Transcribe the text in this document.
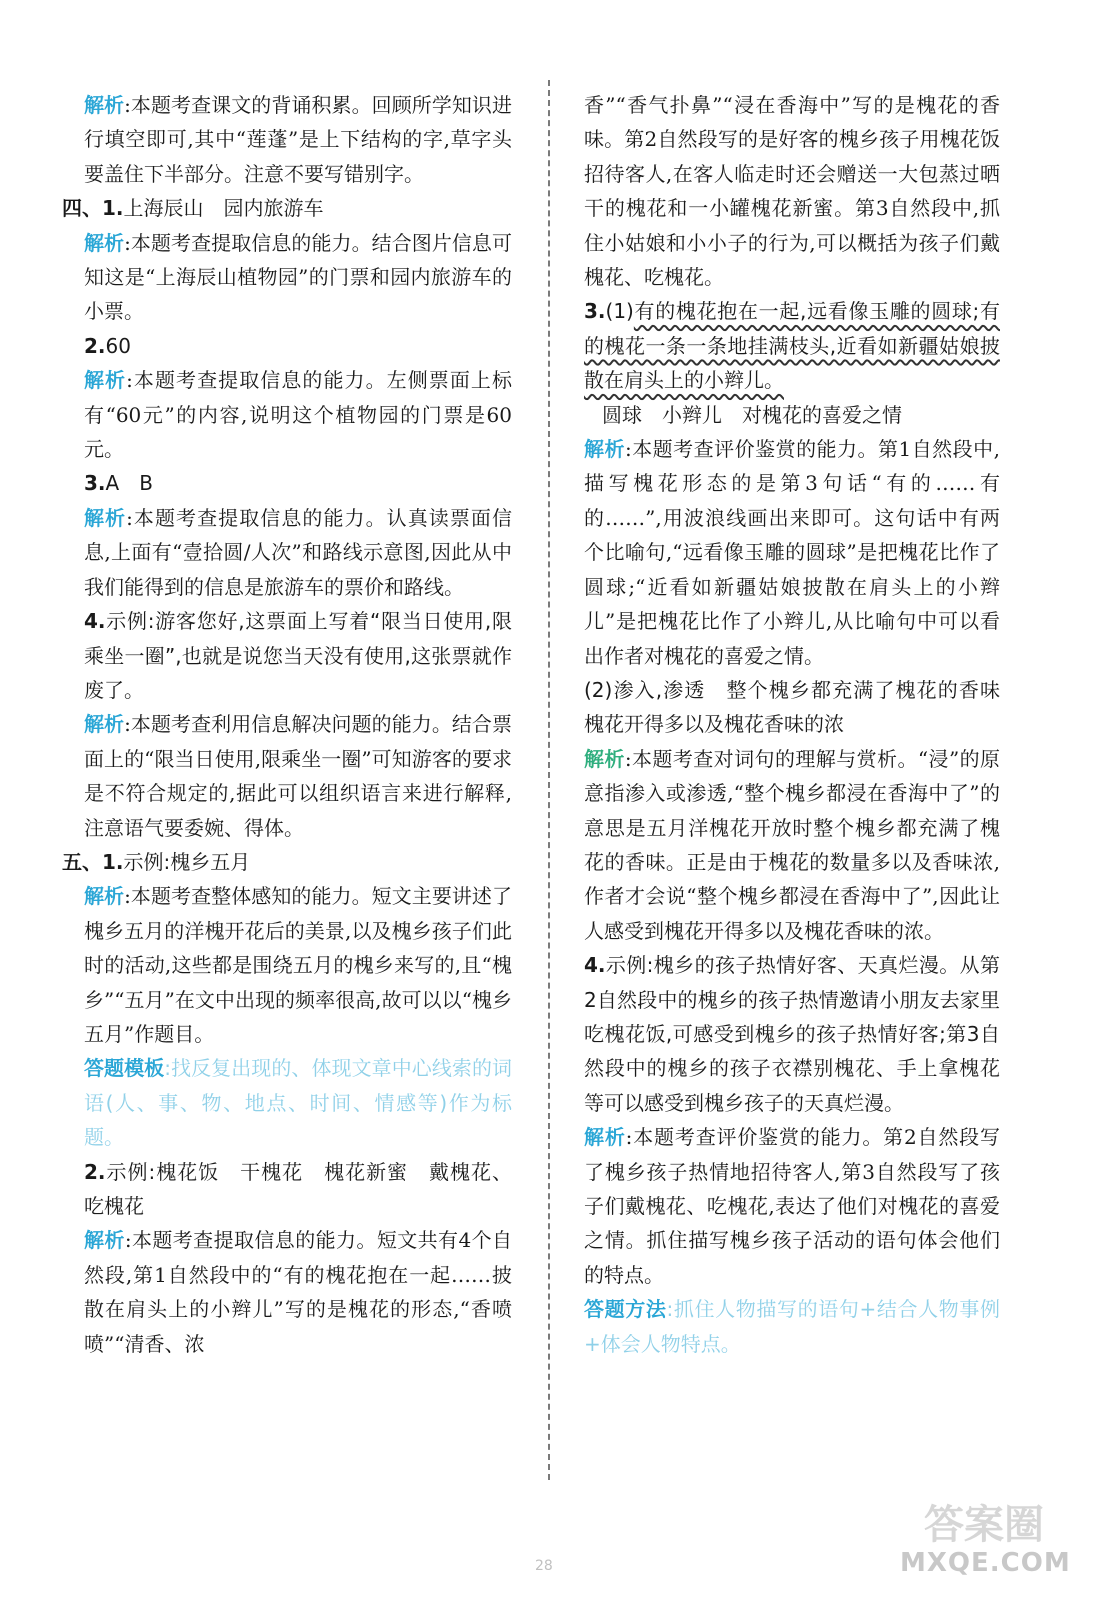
解析:本题考查课文的背诵积累。回顾所学知识进行填空即可,其中“莲蓬”是上下结构的字,草字头要盖住下半部分。注意不要写错别字。

四、1.上海辰山　园内旅游车

解析:本题考查提取信息的能力。结合图片信息可知这是“上海辰山植物园”的门票和园内旅游车的小票。

2.60

解析:本题考查提取信息的能力。左侧票面上标有“60元”的内容,说明这个植物园的门票是60元。

3.A　B

解析:本题考查提取信息的能力。认真读票面信息,上面有“壹拾圆/人次”和路线示意图,因此从中我们能得到的信息是旅游车的票价和路线。

4.示例:游客您好,这票面上写着“限当日使用,限乘坐一圈”,也就是说您当天没有使用,这张票就作废了。

解析:本题考查利用信息解决问题的能力。结合票面上的“限当日使用,限乘坐一圈”可知游客的要求是不符合规定的,据此可以组织语言来进行解释,注意语气要委婉、得体。

五、1.示例:槐乡五月

解析:本题考查整体感知的能力。短文主要讲述了槐乡五月的洋槐开花后的美景,以及槐乡孩子们此时的活动,这些都是围绕五月的槐乡来写的,且“槐乡”“五月”在文中出现的频率很高,故可以以“槐乡五月”作题目。

答题模板:找反复出现的、体现文章中心线索的词语(人、事、物、地点、时间、情感等)作为标题。

2.示例:槐花饭　干槐花　槐花新蜜　戴槐花、吃槐花

解析:本题考查提取信息的能力。短文共有4个自然段,第1自然段中的“有的槐花抱在一起……披散在肩头上的小辫儿”写的是槐花的形态,“香喷喷”“清香、浓

香”“香气扑鼻”“浸在香海中”写的是槐花的香味。第2自然段写的是好客的槐乡孩子用槐花饭招待客人,在客人临走时还会赠送一大包蒸过晒干的槐花和一小罐槐花新蜜。第3自然段中,抓住小姑娘和小小子的行为,可以概括为孩子们戴槐花、吃槐花。

3.(1)有的槐花抱在一起,远看像玉雕的圆球;有的槐花一条一条地挂满枝头,近看如新疆姑娘披散在肩头上的小辫儿。

圆球　小辫儿　对槐花的喜爱之情

解析:本题考查评价鉴赏的能力。第1自然段中,描写槐花形态的是第3句话“有的……有的……”,用波浪线画出来即可。这句话中有两个比喻句,“远看像玉雕的圆球”是把槐花比作了圆球;“近看如新疆姑娘披散在肩头上的小辫儿”是把槐花比作了小辫儿,从比喻句中可以看出作者对槐花的喜爱之情。

(2)渗入,渗透　整个槐乡都充满了槐花的香味　槐花开得多以及槐花香味的浓

解析:本题考查对词句的理解与赏析。“浸”的原意指渗入或渗透,“整个槐乡都浸在香海中了”的意思是五月洋槐花开放时整个槐乡都充满了槐花的香味。正是由于槐花的数量多以及香味浓,作者才会说“整个槐乡都浸在香海中了”,因此让人感受到槐花开得多以及槐花香味的浓。

4.示例:槐乡的孩子热情好客、天真烂漫。从第2自然段中的槐乡的孩子热情邀请小朋友去家里吃槐花饭,可感受到槐乡的孩子热情好客;第3自然段中的槐乡的孩子衣襟别槐花、手上拿槐花等可以感受到槐乡孩子的天真烂漫。

解析:本题考查评价鉴赏的能力。第2自然段写了槐乡孩子热情地招待客人,第3自然段写了孩子们戴槐花、吃槐花,表达了他们对槐花的喜爱之情。抓住描写槐乡孩子活动的语句体会他们的特点。

答题方法:抓住人物描写的语句+结合人物事例+体会人物特点。

答案圈
MXQE.COM
28
